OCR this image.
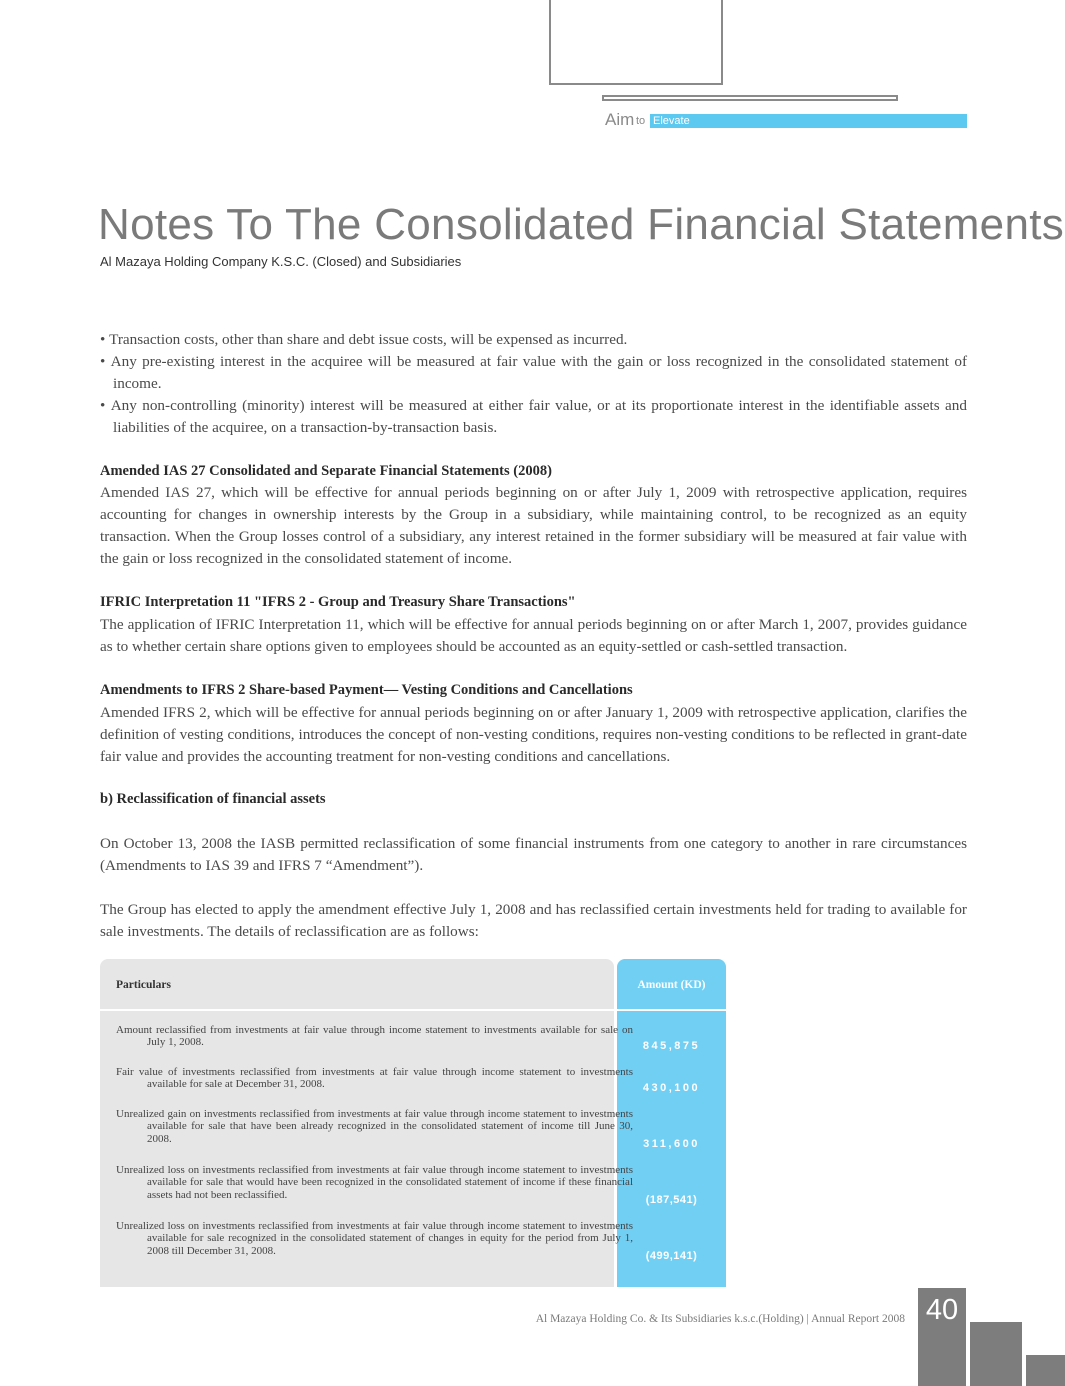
Aim to Elevate
Notes To The Consolidated Financial Statements
Al Mazaya Holding Company K.S.C. (Closed) and Subsidiaries
• Transaction costs, other than share and debt issue costs, will be expensed as incurred.
• Any pre-existing interest in the acquiree will be measured at fair value with the gain or loss recognized in the consolidated statement of income.
• Any non-controlling (minority) interest will be measured at either fair value, or at its proportionate interest in the identifiable assets and liabilities of the acquiree, on a transaction-by-transaction basis.
Amended IAS 27 Consolidated and Separate Financial Statements (2008)

Amended IAS 27, which will be effective for annual periods beginning on or after July 1, 2009 with retrospective application, requires accounting for changes in ownership interests by the Group in a subsidiary, while maintaining control, to be recognized as an equity transaction. When the Group losses control of a subsidiary, any interest retained in the former subsidiary will be measured at fair value with the gain or loss recognized in the consolidated statement of income.

IFRIC Interpretation 11 "IFRS 2 - Group and Treasury Share Transactions"

The application of IFRIC Interpretation 11, which will be effective for annual periods beginning on or after March 1, 2007, provides guidance as to whether certain share options given to employees should be accounted as an equity-settled or cash-settled transaction.

Amendments to IFRS 2 Share-based Payment— Vesting Conditions and Cancellations

Amended IFRS 2, which will be effective for annual periods beginning on or after January 1, 2009 with retrospective application, clarifies the definition of vesting conditions, introduces the concept of non-vesting conditions, requires non-vesting conditions to be reflected in grant-date fair value and provides the accounting treatment for non-vesting conditions and cancellations.

b) Reclassification of financial assets

On October 13, 2008 the IASB permitted reclassification of some financial instruments from one category to another in rare circumstances (Amendments to IAS 39 and IFRS 7 “Amendment”).

The Group has elected to apply the amendment effective July 1, 2008 and has reclassified certain investments held for trading to available for sale investments. The details of reclassification are as follows:

Particulars	Amount (KD)
Amount reclassified from investments at fair value through income statement to investments available for sale on July 1, 2008.	845,875
Fair value of investments reclassified from investments at fair value through income statement to investments available for sale at December 31, 2008.	430,100
Unrealized gain on investments reclassified from investments at fair value through income statement to investments available for sale that have been already recognized in the consolidated statement of income till June 30, 2008.	311,600
Unrealized loss on investments reclassified from investments at fair value through income statement to investments available for sale that would have been recognized in the consolidated statement of income if these financial assets had not been reclassified.	(187,541)
Unrealized loss on investments reclassified from investments at fair value through income statement to investments available for sale recognized in the consolidated statement of changes in equity for the period from July 1, 2008 till December 31, 2008.	(499,141)
Al Mazaya Holding Co. & Its Subsidiaries k.s.c.(Holding) | Annual Report 2008 40
